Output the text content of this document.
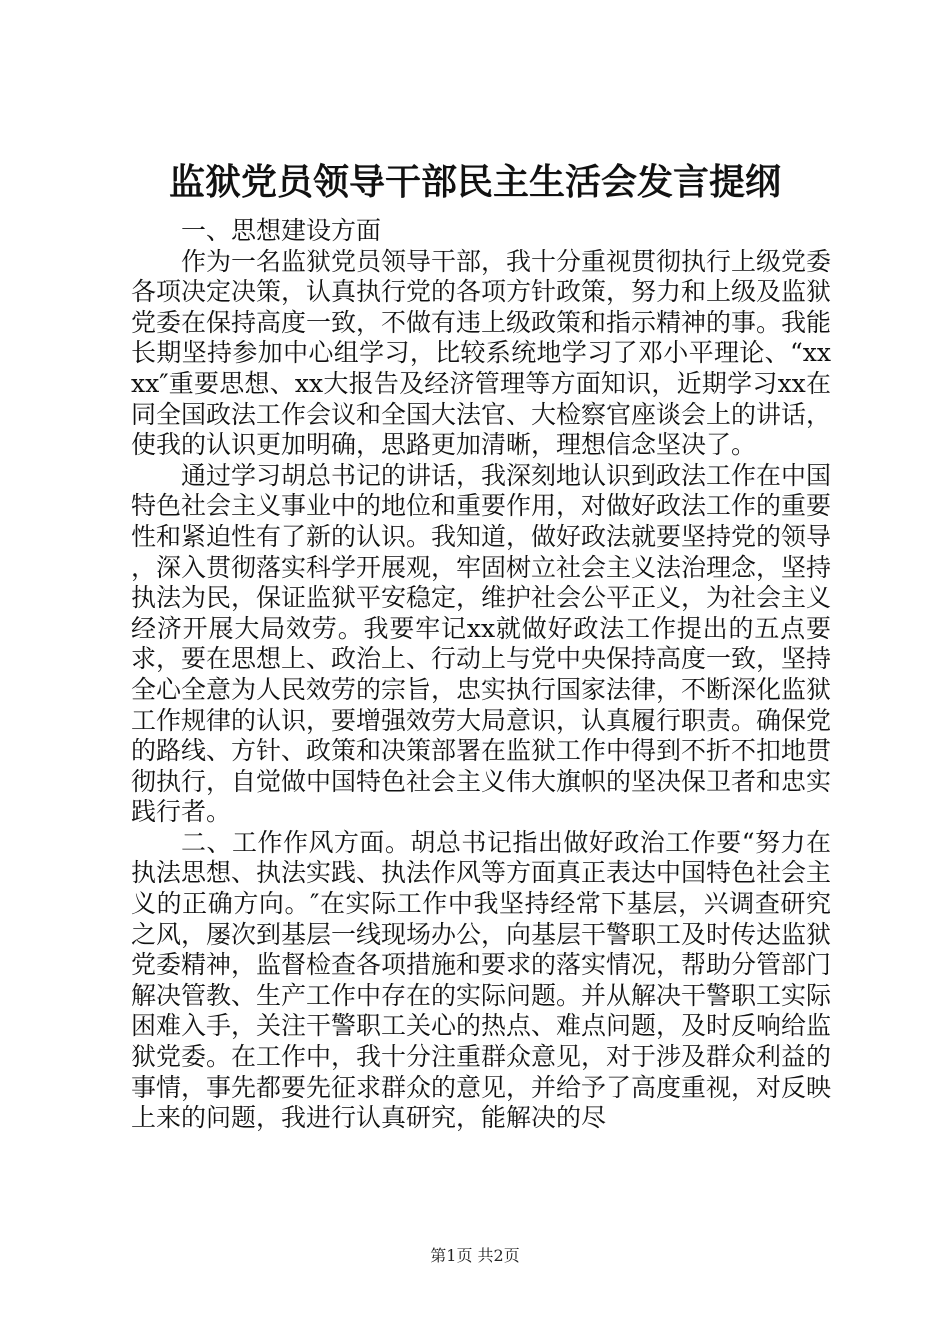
监狱党员领导干部民主生活会发言提纲

一、思想建设方面

作为一名监狱党员领导干部，我十分重视贯彻执行上级党委各项决定决策，认真执行党的各项方针政策，努力和上级及监狱党委在保持高度一致，不做有违上级政策和指示精神的事。我能长期坚持参加中心组学习，比较系统地学习了邓小平理论、“xxxx″重要思想、xx大报告及经济管理等方面知识，近期学习xx在同全国政法工作会议和全国大法官、大检察官座谈会上的讲话，使我的认识更加明确，思路更加清晰，理想信念坚决了。

通过学习胡总书记的讲话，我深刻地认识到政法工作在中国特色社会主义事业中的地位和重要作用，对做好政法工作的重要性和紧迫性有了新的认识。我知道，做好政法就要坚持党的领导，深入贯彻落实科学开展观，牢固树立社会主义法治理念，坚持执法为民，保证监狱平安稳定，维护社会公平正义，为社会主义经济开展大局效劳。我要牢记xx就做好政法工作提出的五点要求，要在思想上、政治上、行动上与党中央保持高度一致，坚持全心全意为人民效劳的宗旨，忠实执行国家法律，不断深化监狱工作规律的认识，要增强效劳大局意识，认真履行职责。确保党的路线、方针、政策和决策部署在监狱工作中得到不折不扣地贯彻执行，自觉做中国特色社会主义伟大旗帜的坚决保卫者和忠实践行者。

二、工作作风方面。胡总书记指出做好政治工作要“努力在执法思想、执法实践、执法作风等方面真正表达中国特色社会主义的正确方向。″在实际工作中我坚持经常下基层，兴调查研究之风，屡次到基层一线现场办公，向基层干警职工及时传达监狱党委精神，监督检查各项措施和要求的落实情况，帮助分管部门解决管教、生产工作中存在的实际问题。并从解决干警职工实际困难入手，关注干警职工关心的热点、难点问题，及时反响给监狱党委。在工作中，我十分注重群众意见，对于涉及群众利益的事情，事先都要先征求群众的意见，并给予了高度重视，对反映上来的问题，我进行认真研究，能解决的尽

第1页 共2页
